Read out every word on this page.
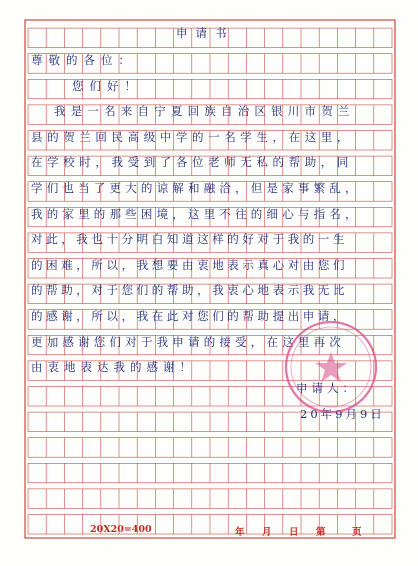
申请书
尊敬的各位：
您们好！
我是一名来自宁夏回族自治区银川市贺兰
县的贺兰回民高级中学的一名学生，在这里，
在学校时，我受到了各位老师无私的帮助，同
学们也当了更大的谅解和融洽，但是家事繁乱，
我的家里的那些困境，这里不往的细心与指名，
对此，我也十分明白知道这样的好对于我的一生
的困难，所以，我想要由衷地表示真心对由您们
的帮助，对于您们的帮助，我衷心地表示我无比
的感谢，所以，我在此对您们的帮助提出申请，
更加感谢您们对于我申请的接受，在这里再次
由衷地表达我的感谢！
申请人：
20年9月9日
20X20=400	年 月 日 第	页
